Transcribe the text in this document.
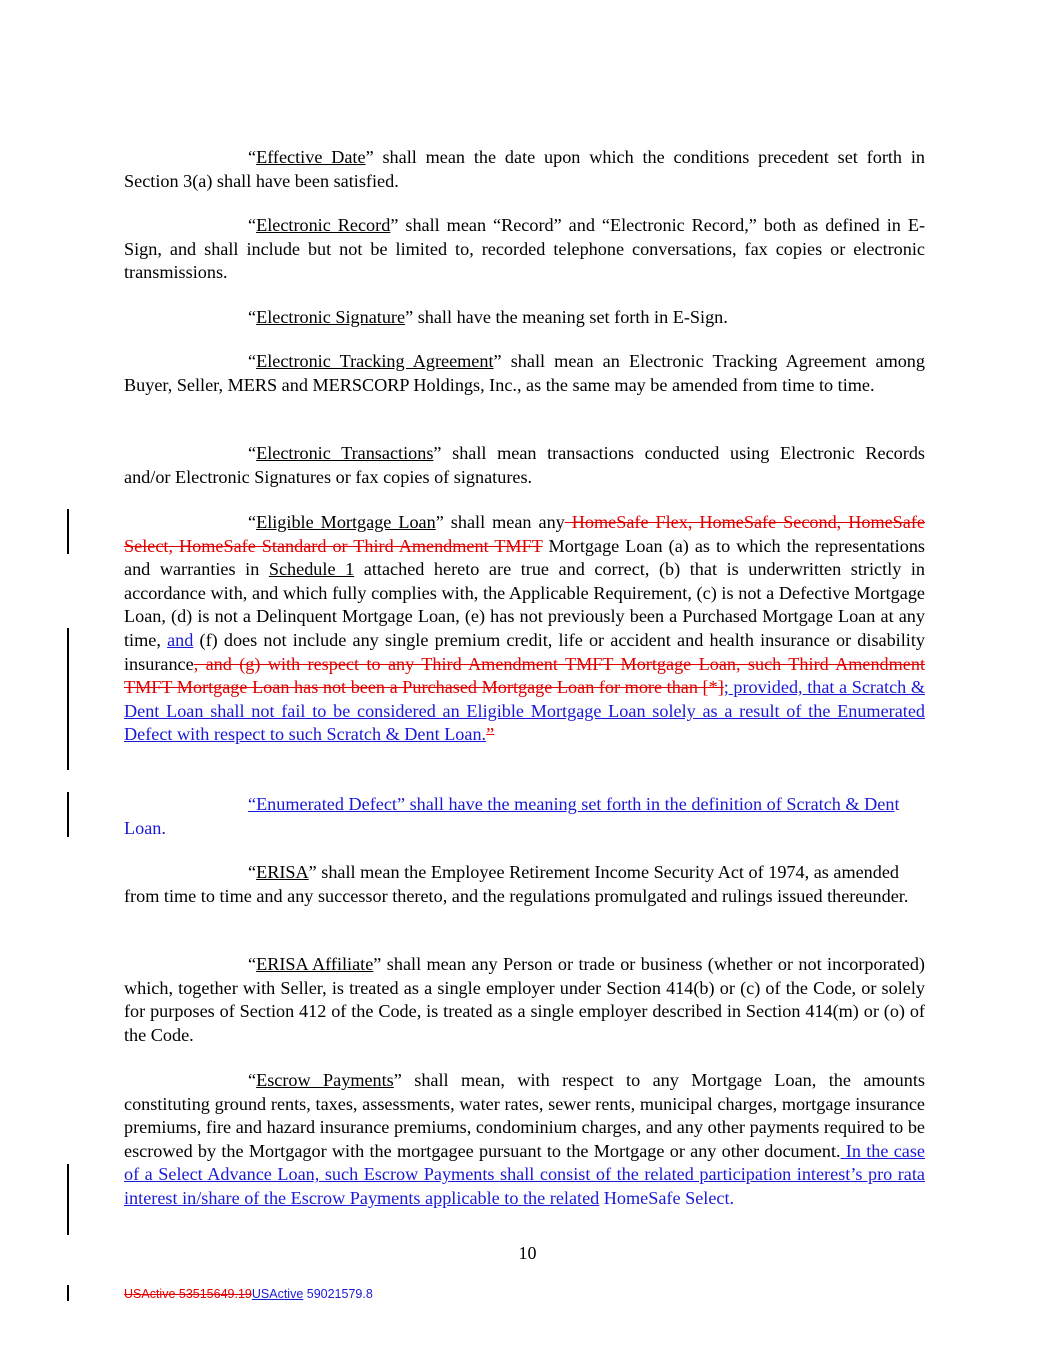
“Effective Date” shall mean the date upon which the conditions precedent set forth in Section 3(a) shall have been satisfied.

“Electronic Record” shall mean “Record” and “Electronic Record,” both as defined in E-Sign, and shall include but not be limited to, recorded telephone conversations, fax copies or electronic transmissions.

“Electronic Signature” shall have the meaning set forth in E-Sign.

“Electronic Tracking Agreement” shall mean an Electronic Tracking Agreement among Buyer, Seller, MERS and MERSCORP Holdings, Inc., as the same may be amended from time to time.

“Electronic Transactions” shall mean transactions conducted using Electronic Records and/or Electronic Signatures or fax copies of signatures.

“Eligible Mortgage Loan” shall mean any HomeSafe Flex, HomeSafe Second, HomeSafe Select, HomeSafe Standard or Third Amendment TMFT Mortgage Loan (a) as to which the representations and warranties in Schedule 1 attached hereto are true and correct, (b) that is underwritten strictly in accordance with, and which fully complies with, the Applicable Requirement, (c) is not a Defective Mortgage Loan, (d) is not a Delinquent Mortgage Loan, (e) has not previously been a Purchased Mortgage Loan at any time, and (f) does not include any single premium credit, life or accident and health insurance or disability insurance, and (g) with respect to any Third Amendment TMFT Mortgage Loan, such Third Amendment TMFT Mortgage Loan has not been a Purchased Mortgage Loan for more than [*]; provided, that a Scratch & Dent Loan shall not fail to be considered an Eligible Mortgage Loan solely as a result of the Enumerated Defect with respect to such Scratch & Dent Loan.”

“Enumerated Defect” shall have the meaning set forth in the definition of Scratch & Dent Loan.

“ERISA” shall mean the Employee Retirement Income Security Act of 1974, as amended from time to time and any successor thereto, and the regulations promulgated and rulings issued thereunder.

“ERISA Affiliate” shall mean any Person or trade or business (whether or not incorporated) which, together with Seller, is treated as a single employer under Section 414(b) or (c) of the Code, or solely for purposes of Section 412 of the Code, is treated as a single employer described in Section 414(m) or (o) of the Code.

“Escrow Payments” shall mean, with respect to any Mortgage Loan, the amounts constituting ground rents, taxes, assessments, water rates, sewer rents, municipal charges, mortgage insurance premiums, fire and hazard insurance premiums, condominium charges, and any other payments required to be escrowed by the Mortgagor with the mortgagee pursuant to the Mortgage or any other document. In the case of a Select Advance Loan, such Escrow Payments shall consist of the related participation interest’s pro rata interest in/share of the Escrow Payments applicable to the related HomeSafe Select.

10
USActive 53515649.19USActive 59021579.8
